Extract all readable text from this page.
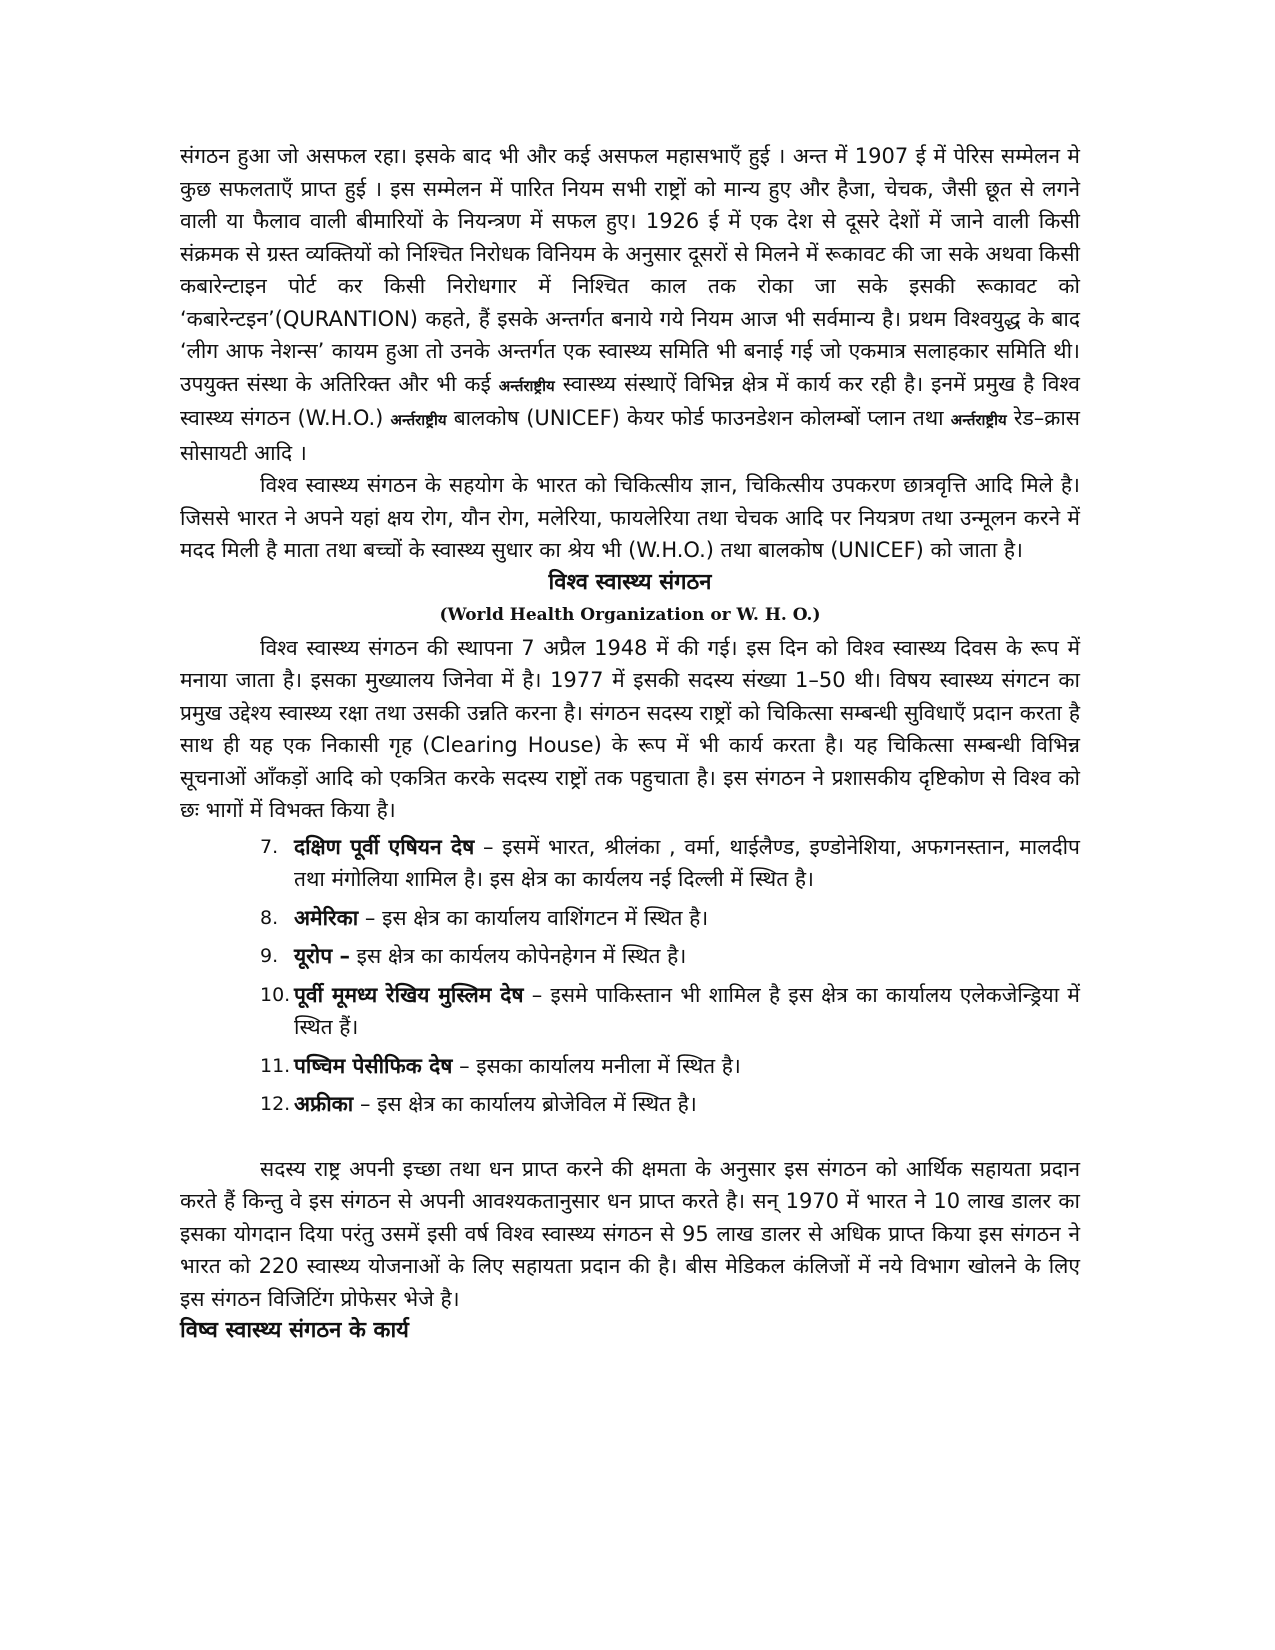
संगठन हुआ जो असफल रहा। इसके बाद भी और कई असफल महासभाएँ हुई । अन्त में 1907 ई में पेरिस सम्मेलन मे कुछ सफलताएँ प्राप्त हुई । इस सम्मेलन में पारित नियम सभी राष्ट्रों को मान्य हुए और हैजा, चेचक, जैसी छूत से लगने वाली या फैलाव वाली बीमारियों के नियन्त्रण में सफल हुए। 1926 ई में एक देश से दूसरे देशों में जाने वाली किसी संक्रमक से ग्रस्त व्यक्तियों को निश्चित निरोधक विनियम के अनुसार दूसरों से मिलने में रूकावट की जा सके अथवा किसी कबारेन्टाइन पोर्ट कर किसी निरोधगार में निश्चित काल तक रोका जा सके इसकी रूकावट को ‘कबारेन्टइन’(QURANTION) कहते, हैं इसके अन्तर्गत बनाये गये नियम आज भी सर्वमान्य है। प्रथम विश्वयुद्ध के बाद ‘लीग आफ नेशन्स’ कायम हुआ तो उनके अन्तर्गत एक स्वास्थ्य समिति भी बनाई गई जो एकमात्र सलाहकार समिति थी। उपयुक्त संस्था के अतिरिक्त और भी कई अर्न्तराष्ट्रीय स्वास्थ्य संस्थाऐं विभिन्न क्षेत्र में कार्य कर रही है। इनमें प्रमुख है विश्व स्वास्थ्य संगठन (W.H.O.) अर्न्तराष्ट्रीय बालकोष (UNICEF) केयर फोर्ड फाउनडेशन कोलम्बों प्लान तथा अर्न्तराष्ट्रीय रेड–क्रास सोसायटी आदि ।

विश्व स्वास्थ्य संगठन के सहयोग के भारत को चिकित्सीय ज्ञान, चिकित्सीय उपकरण छात्रवृत्ति आदि मिले है। जिससे भारत ने अपने यहां क्षय रोग, यौन रोग, मलेरिया, फायलेरिया तथा चेचक आदि पर नियत्रण तथा उन्मूलन करने में मदद मिली है माता तथा बच्चों के स्वास्थ्य सुधार का श्रेय भी (W.H.O.) तथा बालकोष (UNICEF) को जाता है।

विश्व स्वास्थ्य संगठन

(World Health Organization or W. H. O.)

विश्व स्वास्थ्य संगठन की स्थापना 7 अप्रैल 1948 में की गई। इस दिन को विश्व स्वास्थ्य दिवस के रूप में मनाया जाता है। इसका मुख्यालय जिनेवा में है। 1977 में इसकी सदस्य संख्या 1–50 थी। विषय स्वास्थ्य संगटन का प्रमुख उद्देश्य स्वास्थ्य रक्षा तथा उसकी उन्नति करना है। संगठन सदस्य राष्ट्रों को चिकित्सा सम्बन्धी सुविधाएँ प्रदान करता है साथ ही यह एक निकासी गृह (Clearing House) के रूप में भी कार्य करता है। यह चिकित्सा सम्बन्धी विभिन्न सूचनाओं आँकड़ों आदि को एकत्रित करके सदस्य राष्ट्रों तक पहुचाता है। इस संगठन ने प्रशासकीय दृष्टिकोण से विश्व को छः भागों में विभक्त किया है।

7. दक्षिण पूर्वी एषियन देष – इसमें भारत, श्रीलंका , वर्मा, थाईलैण्ड, इण्डोनेशिया, अफगनस्तान, मालदीप तथा मंगोलिया शामिल है। इस क्षेत्र का कार्यलय नई दिल्ली में स्थित है।
8. अमेरिका – इस क्षेत्र का कार्यालय वाशिंगटन में स्थित है।
9. यूरोप – इस क्षेत्र का कार्यलय कोपेनहेगन में स्थित है।
10. पूर्वी मूमध्य रेखिय मुस्लिम देष – इसमे पाकिस्तान भी शामिल है इस क्षेत्र का कार्यालय एलेकजेन्ड्रिया में स्थित हैं।
11. पष्चिम पेसीफिक देष – इसका कार्यालय मनीला में स्थित है।
12. अफ्रीका – इस क्षेत्र का कार्यालय ब्रोजेविल में स्थित है।

सदस्य राष्ट्र अपनी इच्छा तथा धन प्राप्त करने की क्षमता के अनुसार इस संगठन को आर्थिक सहायता प्रदान करते हैं किन्तु वे इस संगठन से अपनी आवश्यकतानुसार धन प्राप्त करते है। सन् 1970 में भारत ने 10 लाख डालर का इसका योगदान दिया परंतु उसमें इसी वर्ष विश्व स्वास्थ्य संगठन से 95 लाख डालर से अधिक प्राप्त किया इस संगठन ने भारत को 220 स्वास्थ्य योजनाओं के लिए सहायता प्रदान की है। बीस मेडिकल कंलिजों में नये विभाग खोलने के लिए इस संगठन विजिटिंग प्रोफेसर भेजे है।

विष्व स्वास्थ्य संगठन के कार्य
